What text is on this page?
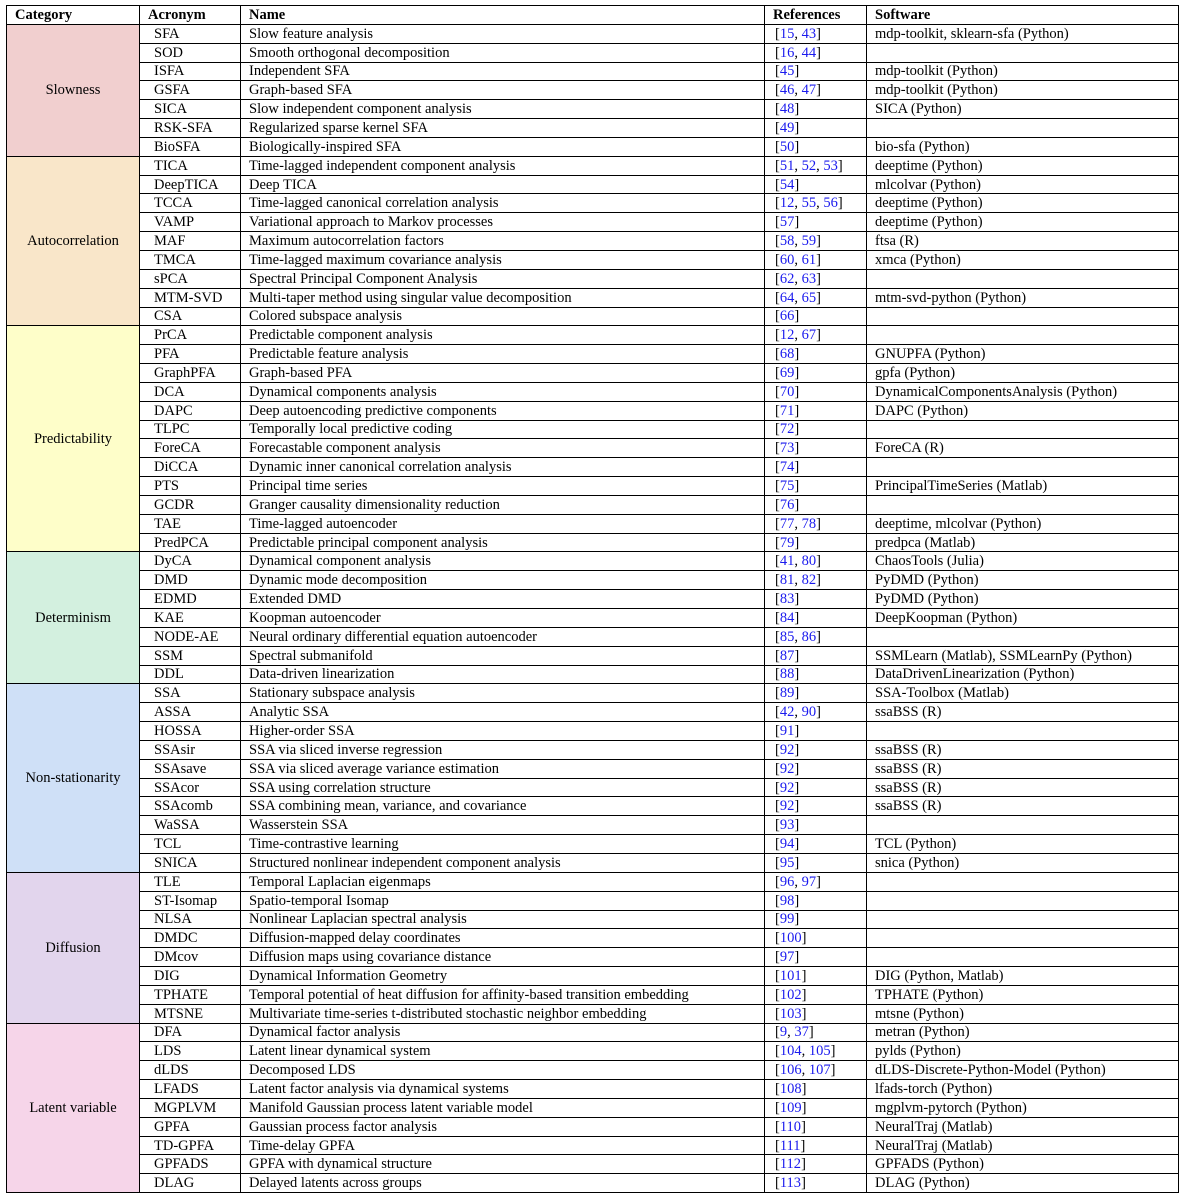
Category	Acronym	Name	References	Software
Slowness	SFA	Slow feature analysis	[15, 43]	mdp-toolkit, sklearn-sfa (Python)
	SOD	Smooth orthogonal decomposition	[16, 44]	
	ISFA	Independent SFA	[45]	mdp-toolkit (Python)
	GSFA	Graph-based SFA	[46, 47]	mdp-toolkit (Python)
	SICA	Slow independent component analysis	[48]	SICA (Python)
	RSK-SFA	Regularized sparse kernel SFA	[49]	
	BioSFA	Biologically-inspired SFA	[50]	bio-sfa (Python)
Autocorrelation	TICA	Time-lagged independent component analysis	[51, 52, 53]	deeptime (Python)
	DeepTICA	Deep TICA	[54]	mlcolvar (Python)
	TCCA	Time-lagged canonical correlation analysis	[12, 55, 56]	deeptime (Python)
	VAMP	Variational approach to Markov processes	[57]	deeptime (Python)
	MAF	Maximum autocorrelation factors	[58, 59]	ftsa (R)
	TMCA	Time-lagged maximum covariance analysis	[60, 61]	xmca (Python)
	sPCA	Spectral Principal Component Analysis	[62, 63]	
	MTM-SVD	Multi-taper method using singular value decomposition	[64, 65]	mtm-svd-python (Python)
	CSA	Colored subspace analysis	[66]	
Predictability	PrCA	Predictable component analysis	[12, 67]	
	PFA	Predictable feature analysis	[68]	GNUPFA (Python)
	GraphPFA	Graph-based PFA	[69]	gpfa (Python)
	DCA	Dynamical components analysis	[70]	DynamicalComponentsAnalysis (Python)
	DAPC	Deep autoencoding predictive components	[71]	DAPC (Python)
	TLPC	Temporally local predictive coding	[72]	
	ForeCA	Forecastable component analysis	[73]	ForeCA (R)
	DiCCA	Dynamic inner canonical correlation analysis	[74]	
	PTS	Principal time series	[75]	PrincipalTimeSeries (Matlab)
	GCDR	Granger causality dimensionality reduction	[76]	
	TAE	Time-lagged autoencoder	[77, 78]	deeptime, mlcolvar (Python)
	PredPCA	Predictable principal component analysis	[79]	predpca (Matlab)
Determinism	DyCA	Dynamical component analysis	[41, 80]	ChaosTools (Julia)
	DMD	Dynamic mode decomposition	[81, 82]	PyDMD (Python)
	EDMD	Extended DMD	[83]	PyDMD (Python)
	KAE	Koopman autoencoder	[84]	DeepKoopman (Python)
	NODE-AE	Neural ordinary differential equation autoencoder	[85, 86]	
	SSM	Spectral submanifold	[87]	SSMLearn (Matlab), SSMLearnPy (Python)
	DDL	Data-driven linearization	[88]	DataDrivenLinearization (Python)
Non-stationarity	SSA	Stationary subspace analysis	[89]	SSA-Toolbox (Matlab)
	ASSA	Analytic SSA	[42, 90]	ssaBSS (R)
	HOSSA	Higher-order SSA	[91]	
	SSAsir	SSA via sliced inverse regression	[92]	ssaBSS (R)
	SSAsave	SSA via sliced average variance estimation	[92]	ssaBSS (R)
	SSAcor	SSA using correlation structure	[92]	ssaBSS (R)
	SSAcomb	SSA combining mean, variance, and covariance	[92]	ssaBSS (R)
	WaSSA	Wasserstein SSA	[93]	
	TCL	Time-contrastive learning	[94]	TCL (Python)
	SNICA	Structured nonlinear independent component analysis	[95]	snica (Python)
Diffusion	TLE	Temporal Laplacian eigenmaps	[96, 97]	
	ST-Isomap	Spatio-temporal Isomap	[98]	
	NLSA	Nonlinear Laplacian spectral analysis	[99]	
	DMDC	Diffusion-mapped delay coordinates	[100]	
	DMcov	Diffusion maps using covariance distance	[97]	
	DIG	Dynamical Information Geometry	[101]	DIG (Python, Matlab)
	TPHATE	Temporal potential of heat diffusion for affinity-based transition embedding	[102]	TPHATE (Python)
	MTSNE	Multivariate time-series t-distributed stochastic neighbor embedding	[103]	mtsne (Python)
Latent variable	DFA	Dynamical factor analysis	[9, 37]	metran (Python)
	LDS	Latent linear dynamical system	[104, 105]	pylds (Python)
	dLDS	Decomposed LDS	[106, 107]	dLDS-Discrete-Python-Model (Python)
	LFADS	Latent factor analysis via dynamical systems	[108]	lfads-torch (Python)
	MGPLVM	Manifold Gaussian process latent variable model	[109]	mgplvm-pytorch (Python)
	GPFA	Gaussian process factor analysis	[110]	NeuralTraj (Matlab)
	TD-GPFA	Time-delay GPFA	[111]	NeuralTraj (Matlab)
	GPFADS	GPFA with dynamical structure	[112]	GPFADS (Python)
	DLAG	Delayed latents across groups	[113]	DLAG (Python)
